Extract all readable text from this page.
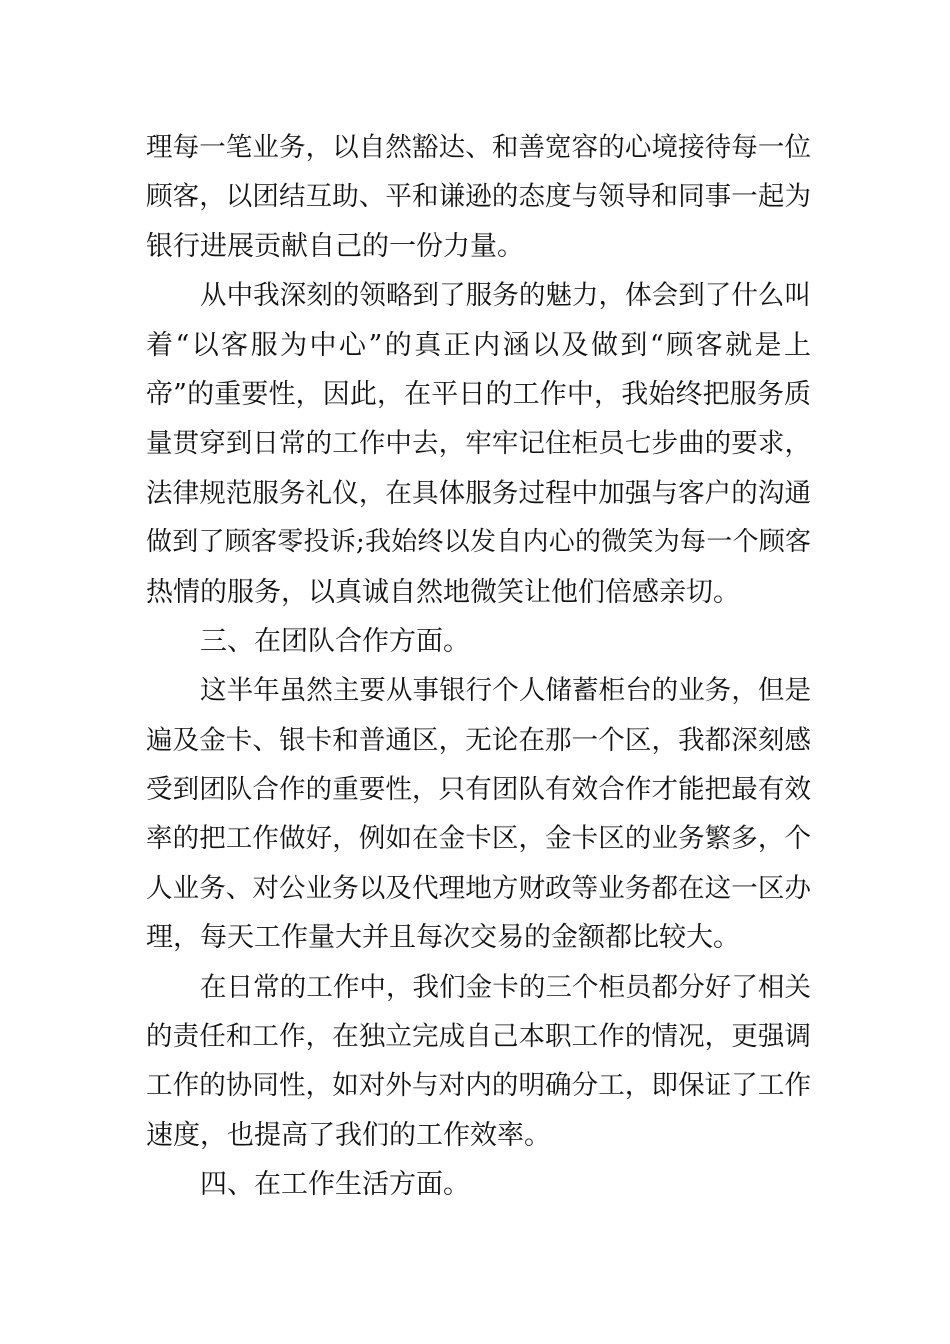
理每一笔业务，以自然豁达、和善宽容的心境接待每一位
顾客，以团结互助、平和谦逊的态度与领导和同事一起为
银行进展贡献自己的一份力量。
从中我深刻的领略到了服务的魅力，体会到了什么叫
着“以客服为中心”的真正内涵以及做到“顾客就是上
帝”的重要性，因此，在平日的工作中，我始终把服务质
量贯穿到日常的工作中去，牢牢记住柜员七步曲的要求，
法律规范服务礼仪，在具体服务过程中加强与客户的沟通
做到了顾客零投诉;我始终以发自内心的微笑为每一个顾客
热情的服务，以真诚自然地微笑让他们倍感亲切。
三、在团队合作方面。
这半年虽然主要从事银行个人储蓄柜台的业务，但是
遍及金卡、银卡和普通区，无论在那一个区，我都深刻感
受到团队合作的重要性，只有团队有效合作才能把最有效
率的把工作做好，例如在金卡区，金卡区的业务繁多，个
人业务、对公业务以及代理地方财政等业务都在这一区办
理，每天工作量大并且每次交易的金额都比较大。
在日常的工作中，我们金卡的三个柜员都分好了相关
的责任和工作，在独立完成自己本职工作的情况，更强调
工作的协同性，如对外与对内的明确分工，即保证了工作
速度，也提高了我们的工作效率。
四、在工作生活方面。
